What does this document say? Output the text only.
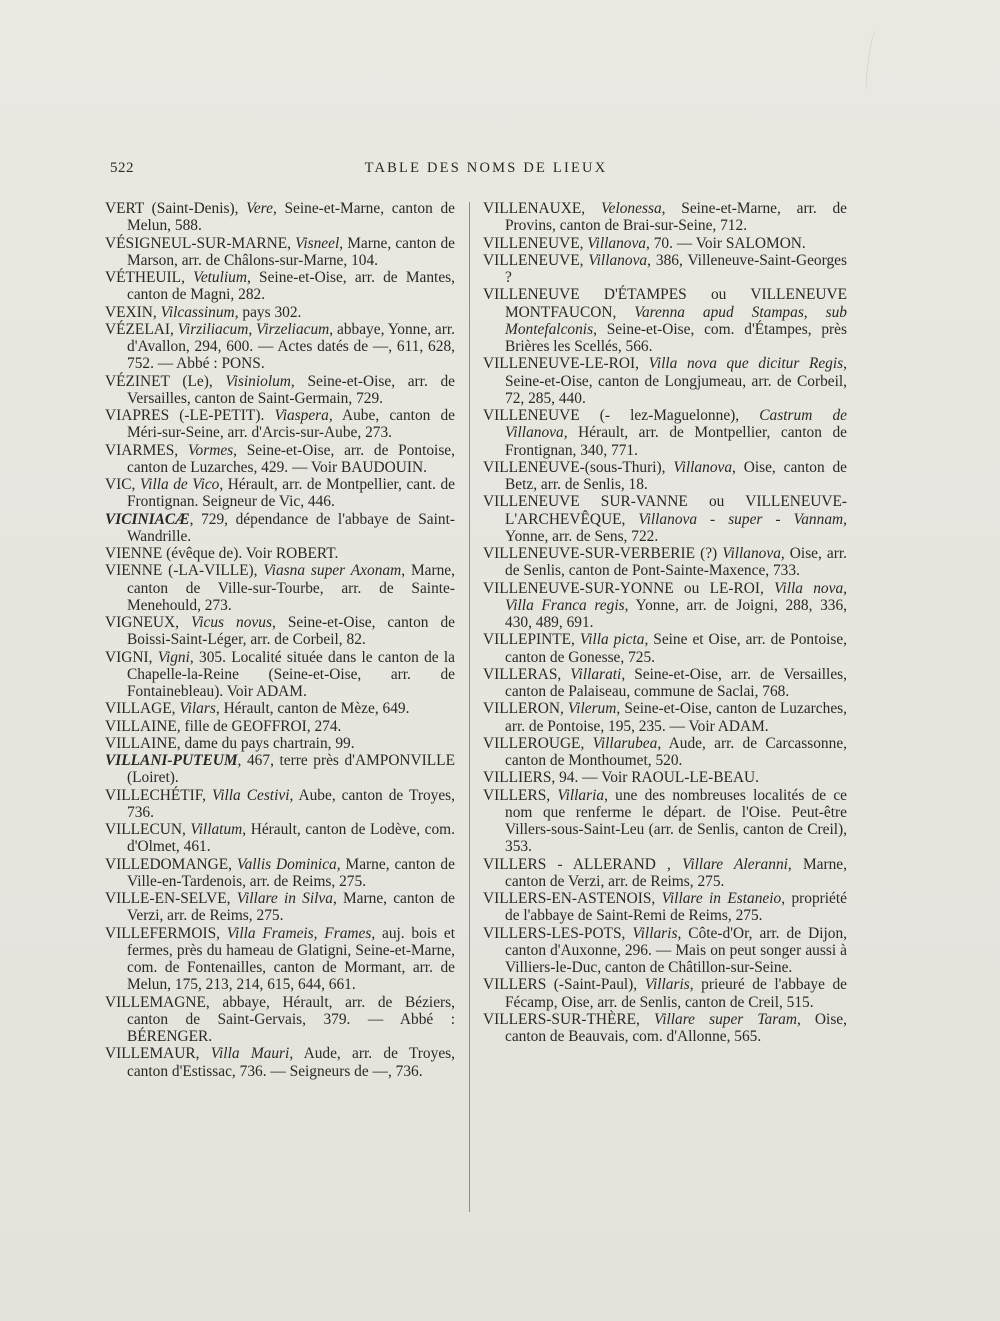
522	TABLE DES NOMS DE LIEUX

VERT (Saint-Denis), Vere, Seine-et-Marne, canton de Melun, 588.

VÉSIGNEUL-SUR-MARNE, Visneel, Marne, canton de Marson, arr. de Châlons-sur-Marne, 104.

VÉTHEUIL, Vetulium, Seine-et-Oise, arr. de Mantes, canton de Magni, 282.

VEXIN, Vilcassinum, pays 302.

VÉZELAI, Virziliacum, Virzeliacum, abbaye, Yonne, arr. d'Avallon, 294, 600. — Actes datés de —, 611, 628, 752. — Abbé : PONS.

VÉZINET (Le), Visiniolum, Seine-et-Oise, arr. de Versailles, canton de Saint-Germain, 729.

VIAPRES (-LE-PETIT). Viaspera, Aube, canton de Méri-sur-Seine, arr. d'Arcis-sur-Aube, 273.

VIARMES, Vormes, Seine-et-Oise, arr. de Pontoise, canton de Luzarches, 429. — Voir BAUDOUIN.

VIC, Villa de Vico, Hérault, arr. de Montpellier, cant. de Frontignan. Seigneur de Vic, 446.

VICINIACÆ, 729, dépendance de l'abbaye de Saint-Wandrille.

VIENNE (évêque de). Voir ROBERT.

VIENNE (-LA-VILLE), Viasna super Axonam, Marne, canton de Ville-sur-Tourbe, arr. de Sainte-Menehould, 273.

VIGNEUX, Vicus novus, Seine-et-Oise, canton de Boissi-Saint-Léger, arr. de Corbeil, 82.

VIGNI, Vigni, 305. Localité située dans le canton de la Chapelle-la-Reine (Seine-et-Oise, arr. de Fontainebleau). Voir ADAM.

VILLAGE, Vilars, Hérault, canton de Mèze, 649.

VILLAINE, fille de GEOFFROI, 274.

VILLAINE, dame du pays chartrain, 99.

VILLANI-PUTEUM, 467, terre près d'AMPONVILLE (Loiret).

VILLECHÉTIF, Villa Cestivi, Aube, canton de Troyes, 736.

VILLECUN, Villatum, Hérault, canton de Lodève, com. d'Olmet, 461.

VILLEDOMANGE, Vallis Dominica, Marne, canton de Ville-en-Tardenois, arr. de Reims, 275.

VILLE-EN-SELVE, Villare in Silva, Marne, canton de Verzi, arr. de Reims, 275.

VILLEFERMOIS, Villa Frameis, Frames, auj. bois et fermes, près du hameau de Glatigni, Seine-et-Marne, com. de Fontenailles, canton de Mormant, arr. de Melun, 175, 213, 214, 615, 644, 661.

VILLEMAGNE, abbaye, Hérault, arr. de Béziers, canton de Saint-Gervais, 379. — Abbé : BÉRENGER.

VILLEMAUR, Villa Mauri, Aude, arr. de Troyes, canton d'Estissac, 736. — Seigneurs de —, 736.

VILLENAUXE, Velonessa, Seine-et-Marne, arr. de Provins, canton de Brai-sur-Seine, 712.

VILLENEUVE, Villanova, 70. — Voir SALOMON.

VILLENEUVE, Villanova, 386, Villeneuve-Saint-Georges ?

VILLENEUVE D'ÉTAMPES ou VILLENEUVE MONTFAUCON, Varenna apud Stampas, sub Montefalconis, Seine-et-Oise, com. d'Étampes, près Brières les Scellés, 566.

VILLENEUVE-LE-ROI, Villa nova que dicitur Regis, Seine-et-Oise, canton de Longjumeau, arr. de Corbeil, 72, 285, 440.

VILLENEUVE (- lez-Maguelonne), Castrum de Villanova, Hérault, arr. de Montpellier, canton de Frontignan, 340, 771.

VILLENEUVE-(sous-Thuri), Villanova, Oise, canton de Betz, arr. de Senlis, 18.

VILLENEUVE SUR-VANNE ou VILLENEUVE-L'ARCHEVÊQUE, Villanova - super - Vannam, Yonne, arr. de Sens, 722.

VILLENEUVE-SUR-VERBERIE (?) Villanova, Oise, arr. de Senlis, canton de Pont-Sainte-Maxence, 733.

VILLENEUVE-SUR-YONNE ou LE-ROI, Villa nova, Villa Franca regis, Yonne, arr. de Joigni, 288, 336, 430, 489, 691.

VILLEPINTE, Villa picta, Seine et Oise, arr. de Pontoise, canton de Gonesse, 725.

VILLERAS, Villarati, Seine-et-Oise, arr. de Versailles, canton de Palaiseau, commune de Saclai, 768.

VILLERON, Vilerum, Seine-et-Oise, canton de Luzarches, arr. de Pontoise, 195, 235. — Voir ADAM.

VILLEROUGE, Villarubea, Aude, arr. de Carcassonne, canton de Monthoumet, 520.

VILLIERS, 94. — Voir RAOUL-LE-BEAU.

VILLERS, Villaria, une des nombreuses localités de ce nom que renferme le départ. de l'Oise. Peut-être Villers-sous-Saint-Leu (arr. de Senlis, canton de Creil), 353.

VILLERS - ALLERAND , Villare Aleranni, Marne, canton de Verzi, arr. de Reims, 275.

VILLERS-EN-ASTENOIS, Villare in Estaneio, propriété de l'abbaye de Saint-Remi de Reims, 275.

VILLERS-LES-POTS, Villaris, Côte-d'Or, arr. de Dijon, canton d'Auxonne, 296. — Mais on peut songer aussi à Villiers-le-Duc, canton de Châtillon-sur-Seine.

VILLERS (-Saint-Paul), Villaris, prieuré de l'abbaye de Fécamp, Oise, arr. de Senlis, canton de Creil, 515.

VILLERS-SUR-THÈRE, Villare super Taram, Oise, canton de Beauvais, com. d'Allonne, 565.
